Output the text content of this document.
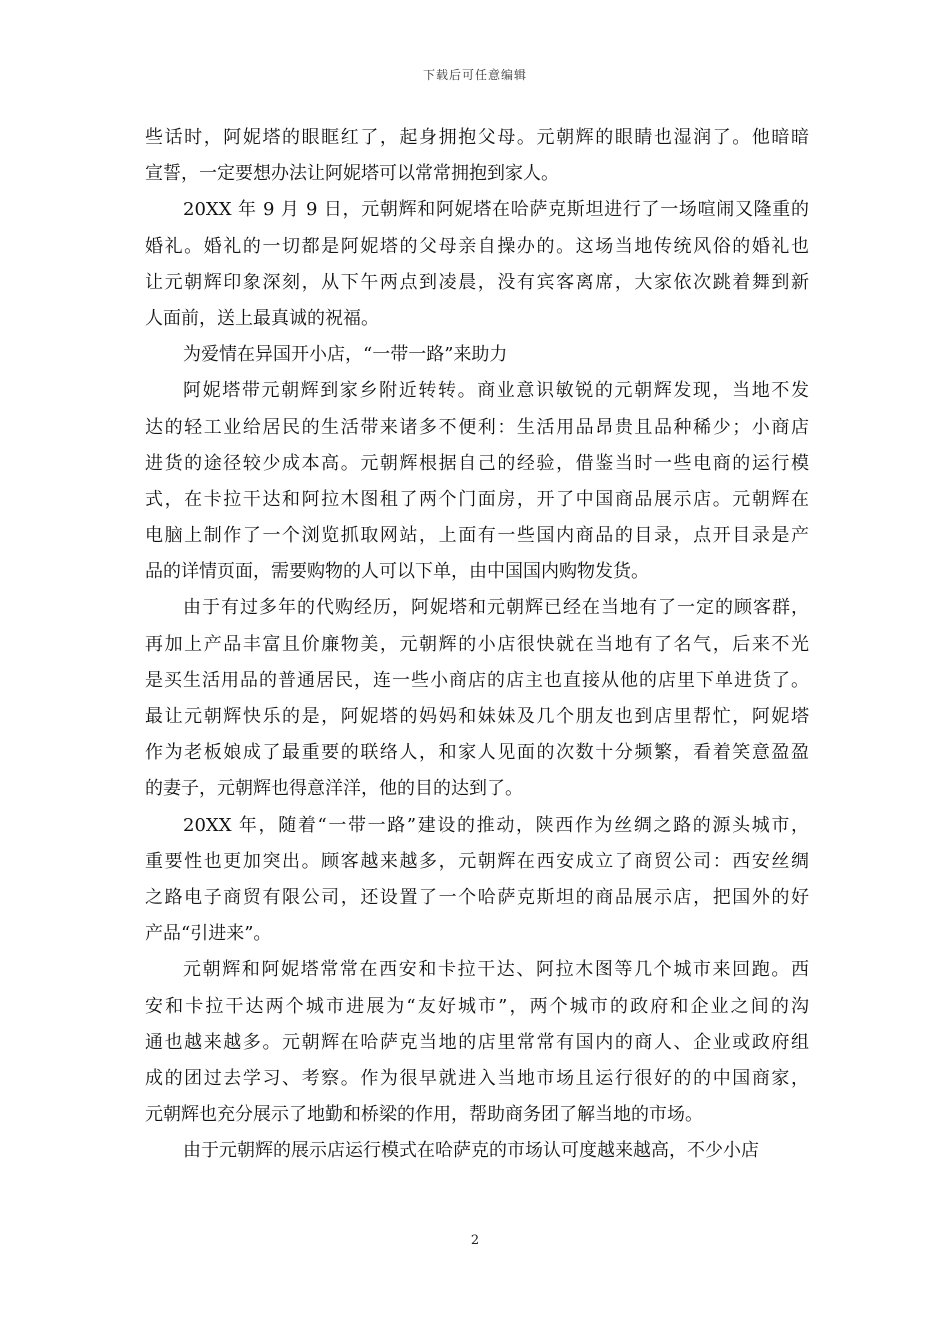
下载后可任意编辑
些话时，阿妮塔的眼眶红了，起身拥抱父母。元朝辉的眼睛也湿润了。他暗暗
宣誓，一定要想办法让阿妮塔可以常常拥抱到家人。
20XX 年 9 月 9 日，元朝辉和阿妮塔在哈萨克斯坦进行了一场喧闹又隆重的
婚礼。婚礼的一切都是阿妮塔的父母亲自操办的。这场当地传统风俗的婚礼也
让元朝辉印象深刻，从下午两点到凌晨，没有宾客离席，大家依次跳着舞到新
人面前，送上最真诚的祝福。
为爱情在异国开小店，“一带一路”来助力
阿妮塔带元朝辉到家乡附近转转。商业意识敏锐的元朝辉发现，当地不发
达的轻工业给居民的生活带来诸多不便利：生活用品昂贵且品种稀少；小商店
进货的途径较少成本高。元朝辉根据自己的经验，借鉴当时一些电商的运行模
式，在卡拉干达和阿拉木图租了两个门面房，开了中国商品展示店。元朝辉在
电脑上制作了一个浏览抓取网站，上面有一些国内商品的目录，点开目录是产
品的详情页面，需要购物的人可以下单，由中国国内购物发货。
由于有过多年的代购经历，阿妮塔和元朝辉已经在当地有了一定的顾客群，
再加上产品丰富且价廉物美，元朝辉的小店很快就在当地有了名气，后来不光
是买生活用品的普通居民，连一些小商店的店主也直接从他的店里下单进货了。
最让元朝辉快乐的是，阿妮塔的妈妈和妹妹及几个朋友也到店里帮忙，阿妮塔
作为老板娘成了最重要的联络人，和家人见面的次数十分频繁，看着笑意盈盈
的妻子，元朝辉也得意洋洋，他的目的达到了。
20XX 年，随着“一带一路”建设的推动，陕西作为丝绸之路的源头城市，
重要性也更加突出。顾客越来越多，元朝辉在西安成立了商贸公司：西安丝绸
之路电子商贸有限公司，还设置了一个哈萨克斯坦的商品展示店，把国外的好
产品“引进来”。
元朝辉和阿妮塔常常在西安和卡拉干达、阿拉木图等几个城市来回跑。西
安和卡拉干达两个城市进展为“友好城市”，两个城市的政府和企业之间的沟
通也越来越多。元朝辉在哈萨克当地的店里常常有国内的商人、企业或政府组
成的团过去学习、考察。作为很早就进入当地市场且运行很好的的中国商家，
元朝辉也充分展示了地勤和桥梁的作用，帮助商务团了解当地的市场。
由于元朝辉的展示店运行模式在哈萨克的市场认可度越来越高，不少小店
2
